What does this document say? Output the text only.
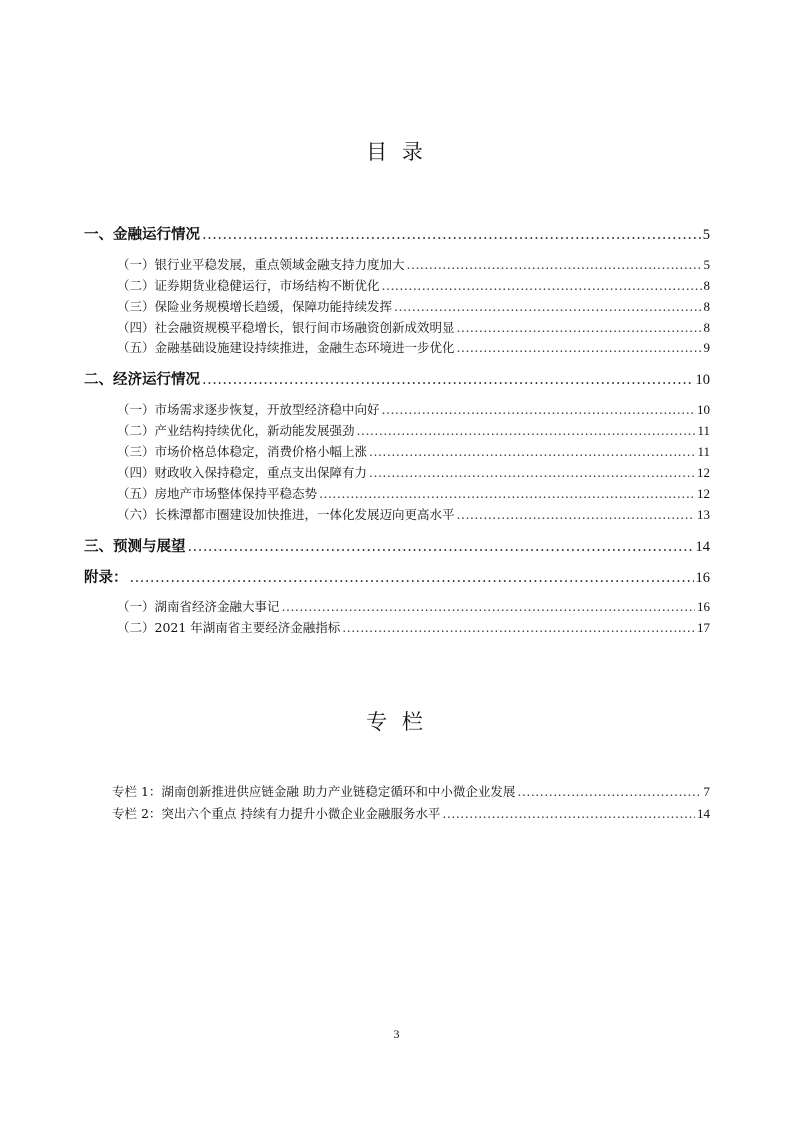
目 录
一、金融运行情况 .....	5
（一）银行业平稳发展，重点领域金融支持力度加大 .....	5
（二）证券期货业稳健运行，市场结构不断优化 .....	8
（三）保险业务规模增长趋缓，保障功能持续发挥 .....	8
（四）社会融资规模平稳增长，银行间市场融资创新成效明显 .....	8
（五）金融基础设施建设持续推进，金融生态环境进一步优化 .....	9
二、经济运行情况 .....	10
（一）市场需求逐步恢复，开放型经济稳中向好 .....	10
（二）产业结构持续优化，新动能发展强劲 .....	11
（三）市场价格总体稳定，消费价格小幅上涨 .....	11
（四）财政收入保持稳定，重点支出保障有力 .....	12
（五）房地产市场整体保持平稳态势 .....	12
（六）长株潭都市圈建设加快推进，一体化发展迈向更高水平 .....	13
三、预测与展望 .....	14
附录： .....	16
（一）湖南省经济金融大事记 .....	16
（二）2021 年湖南省主要经济金融指标 .....	17
专 栏
专栏 1：湖南创新推进供应链金融 助力产业链稳定循环和中小微企业发展 .....	7
专栏 2：突出六个重点 持续有力提升小微企业金融服务水平 .....	14
3
